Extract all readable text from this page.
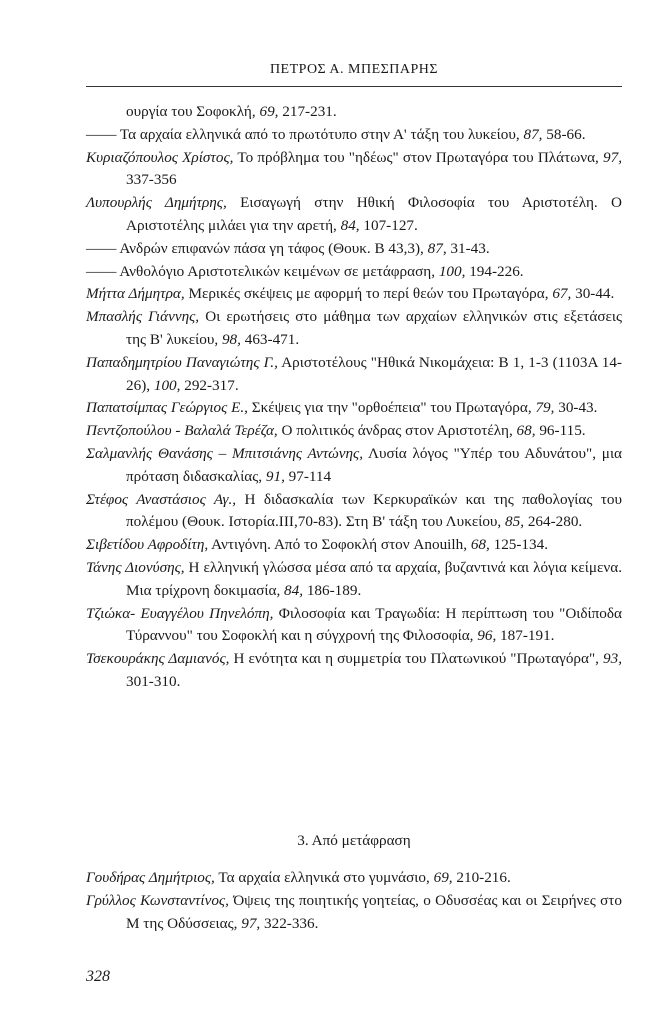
ΠΕΤΡΟΣ Α. ΜΠΕΣΠΑΡΗΣ

ουργία του Σοφοκλή, 69, 217-231.

—— Τα αρχαία ελληνικά από το πρωτότυπο στην Α' τάξη του λυκείου, 87, 58-66.

Κυριαζόπουλος Χρίστος, Το πρόβλημα του "ηδέως" στον Πρωταγόρα του Πλάτωνα, 97, 337-356

Λυπουρλής Δημήτρης, Εισαγωγή στην Ηθική Φιλοσοφία του Αριστοτέλη. Ο Αριστοτέλης μιλάει για την αρετή, 84, 107-127.

—— Ανδρών επιφανών πάσα γη τάφος (Θουκ. Β 43,3), 87, 31-43.

—— Ανθολόγιο Αριστοτελικών κειμένων σε μετάφραση, 100, 194-226.

Μήττα Δήμητρα, Μερικές σκέψεις με αφορμή το περί θεών του Πρωταγόρα, 67, 30-44.

Μπασλής Γιάννης, Οι ερωτήσεις στο μάθημα των αρχαίων ελληνικών στις εξετάσεις της Β' λυκείου, 98, 463-471.

Παπαδημητρίου Παναγιώτης Γ., Αριστοτέλους "Ηθικά Νικομάχεια: Β 1, 1-3 (1103Α 14-26), 100, 292-317.

Παπατσίμπας Γεώργιος Ε., Σκέψεις για την "ορθοέπεια" του Πρωταγόρα, 79, 30-43.

Πεντζοπούλου - Βαλαλά Τερέζα, Ο πολιτικός άνδρας στον Αριστοτέλη, 68, 96-115.

Σαλμανλής Θανάσης – Μπιτσιάνης Αντώνης, Λυσία λόγος "Υπέρ του Αδυνάτου", μια πρόταση διδασκαλίας, 91, 97-114

Στέφος Αναστάσιος Αγ., Η διδασκαλία των Κερκυραϊκών και της παθολογίας του πολέμου (Θουκ. Ιστορία.ΙΙΙ,70-83). Στη Β' τάξη του Λυκείου, 85, 264-280.

Σιβετίδου Αφροδίτη, Αντιγόνη. Από το Σοφοκλή στον Anouilh, 68, 125-134.

Τάνης Διονύσης, Η ελληνική γλώσσα μέσα από τα αρχαία, βυζαντινά και λόγια κείμενα. Μια τρίχρονη δοκιμασία, 84, 186-189.

Τζιώκα- Ευαγγέλου Πηνελόπη, Φιλοσοφία και Τραγωδία: Η περίπτωση του "Οιδίποδα Τύραννου" του Σοφοκλή και η σύγχρονή της Φιλοσοφία, 96, 187-191.

Τσεκουράκης Δαμιανός, Η ενότητα και η συμμετρία του Πλατωνικού "Πρωταγόρα", 93, 301-310.

3. Από μετάφραση

Γουδήρας Δημήτριος, Τα αρχαία ελληνικά στο γυμνάσιο, 69, 210-216.

Γρύλλος Κωνσταντίνος, Όψεις της ποιητικής γοητείας, ο Οδυσσέας και οι Σειρήνες στο Μ της Οδύσσειας, 97, 322-336.

328
